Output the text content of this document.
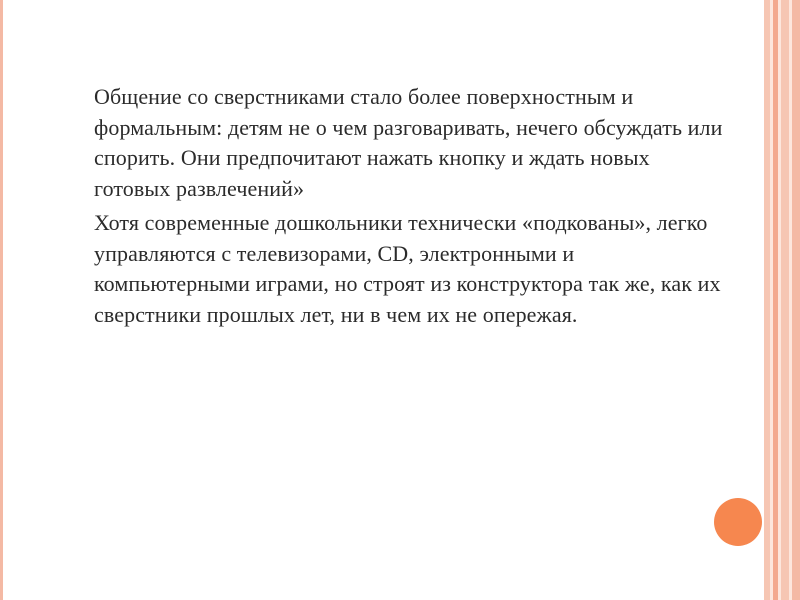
Общение со сверстниками стало более поверхностным и формальным: детям не о чем разговаривать, нечего обсуждать или спорить. Они предпочитают нажать кнопку и ждать новых готовых развлечений»
Хотя современные дошкольники технически «подкованы», легко управляются с телевизорами, CD, электронными и компьютерными играми, но строят из конструктора так же, как их сверстники прошлых лет, ни в чем их не опережая.
